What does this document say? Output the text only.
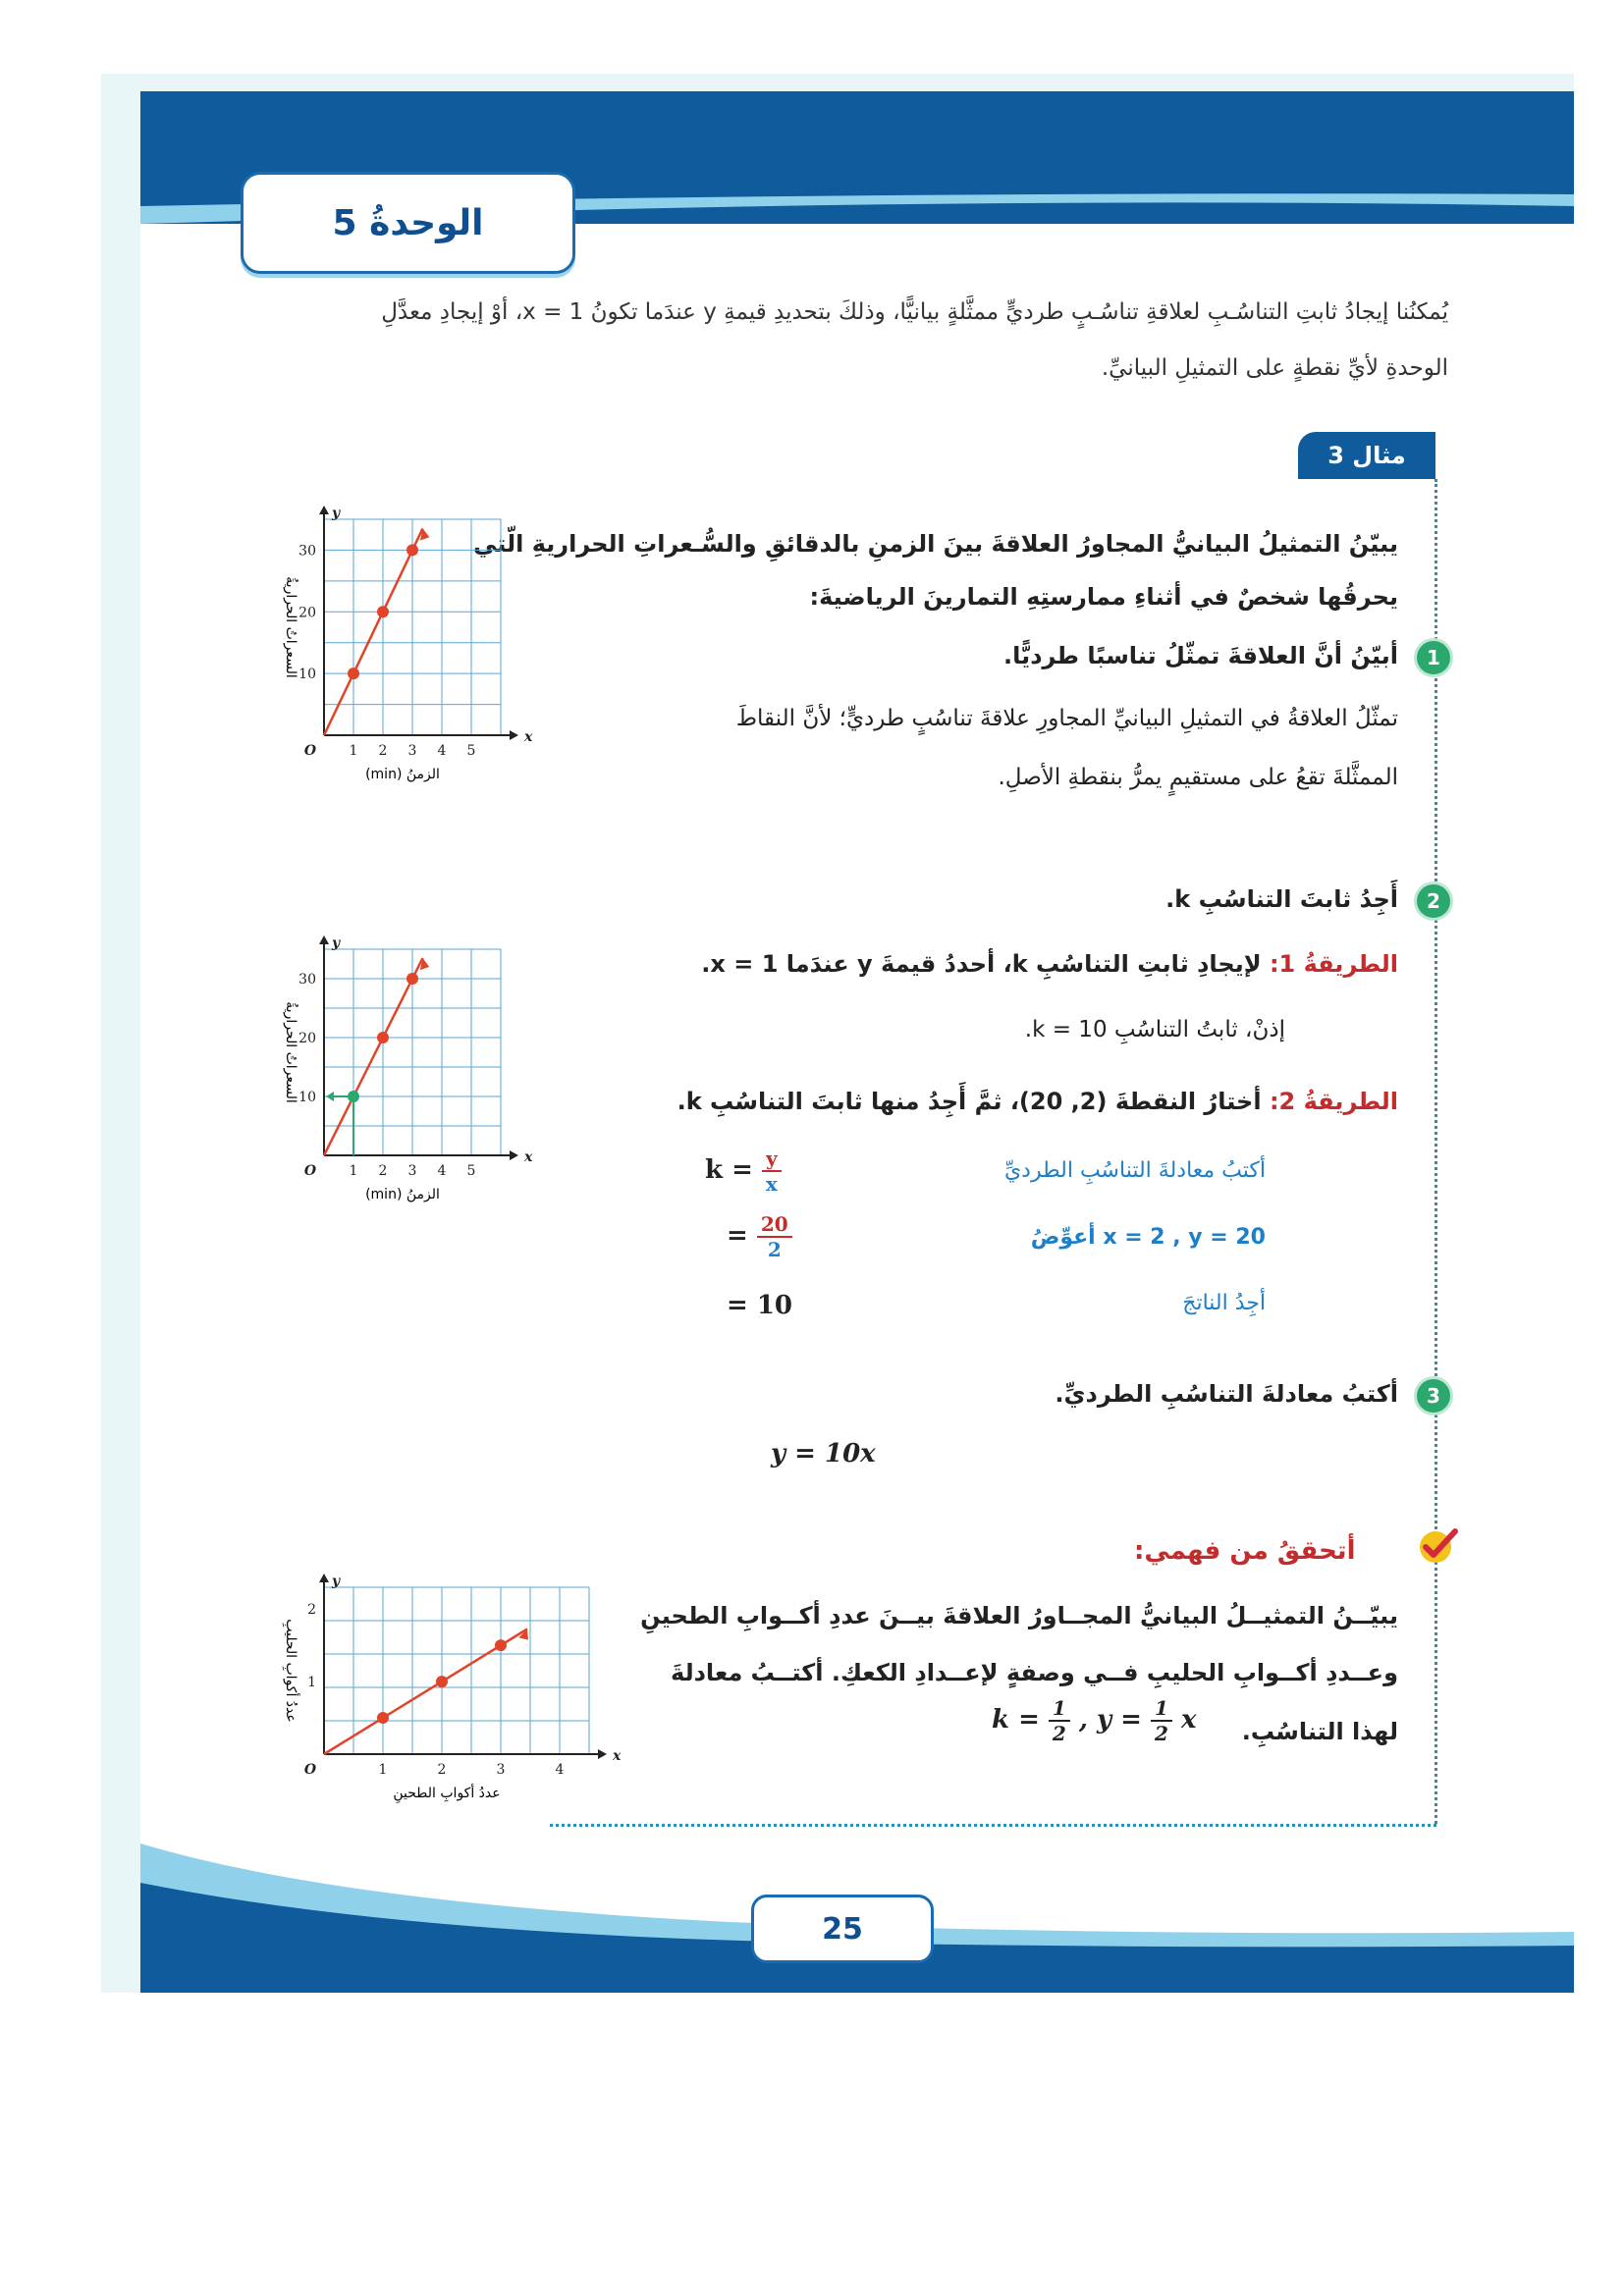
الوحدةُ 5
يُمكنُنا إيجادُ ثابتِ التناسُـبِ لعلاقةِ تناسُـبٍ طرديٍّ ممثَّلةٍ بيانيًّا، وذلكَ بتحديدِ قيمةِ y عندَما تكونُ x = 1، أوْ إيجادِ معدَّلِ
الوحدةِ لأيِّ نقطةٍ على التمثيلِ البيانيِّ.
مثال 3
يبيّنُ التمثيلُ البيانيُّ المجاورُ العلاقةَ بينَ الزمنِ بالدقائقِ والسُّـعراتِ الحراريةِ الّتي
يحرقُها شخصٌ في أثناءِ ممارستِهِ التمارينَ الرياضيةَ:
1
أبيّنُ أنَّ العلاقةَ تمثّلُ تناسبًا طرديًّا.
تمثّلُ العلاقةُ في التمثيلِ البيانيِّ المجاورِ علاقةَ تناسُبٍ طرديٍّ؛ لأنَّ النقاطَ
الممثَّلةَ تقعُ على مستقيمٍ يمرُّ بنقطةِ الأصلِ.
2
أَجِدُ ثابتَ التناسُبِ k.
الطريقةُ 1: لإيجادِ ثابتِ التناسُبِ k، أحددُ قيمةَ y عندَما x = 1.
إذنْ، ثابتُ التناسُبِ k = 10.
الطريقةُ 2: أختارُ النقطةَ (2, 20)، ثمَّ أَجِدُ منها ثابتَ التناسُبِ k.
$k = \frac{y}{x}$	أكتبُ معادلةَ التناسُبِ الطرديِّ
= $\frac{20}{2}$	x = 2 , y = 20 أعوِّضُ
= 10	أجِدُ الناتجَ
3
أكتبُ معادلةَ التناسُبِ الطرديِّ.
y = 10x
أتحققُ من فهمي:
يبيّــنُ التمثيــلُ البيانيُّ المجــاورُ العلاقةَ بيــنَ عددِ أكــوابِ الطحينِ
وعــددِ أكــوابِ الحليبِ فــي وصفةٍ لإعــدادِ الكعكِ. أكتــبُ معادلةَ
لهذا التناسُبِ.
$k = \frac{1}{2}$ , $y = \frac{1}{2}$ x
1 2 3 4 5
10
20
30
O
x
y
الزمنُ (min)
السعراتُ الحراريةُ
1 2 3 4 5
10
20
30
O
x
y
الزمنُ (min)
السعراتُ الحراريةُ
1	2	3	4
1
2
O
x
y
عددُ أكوابِ الطحينِ
عددُ أكوابِ الحليبِ
25
